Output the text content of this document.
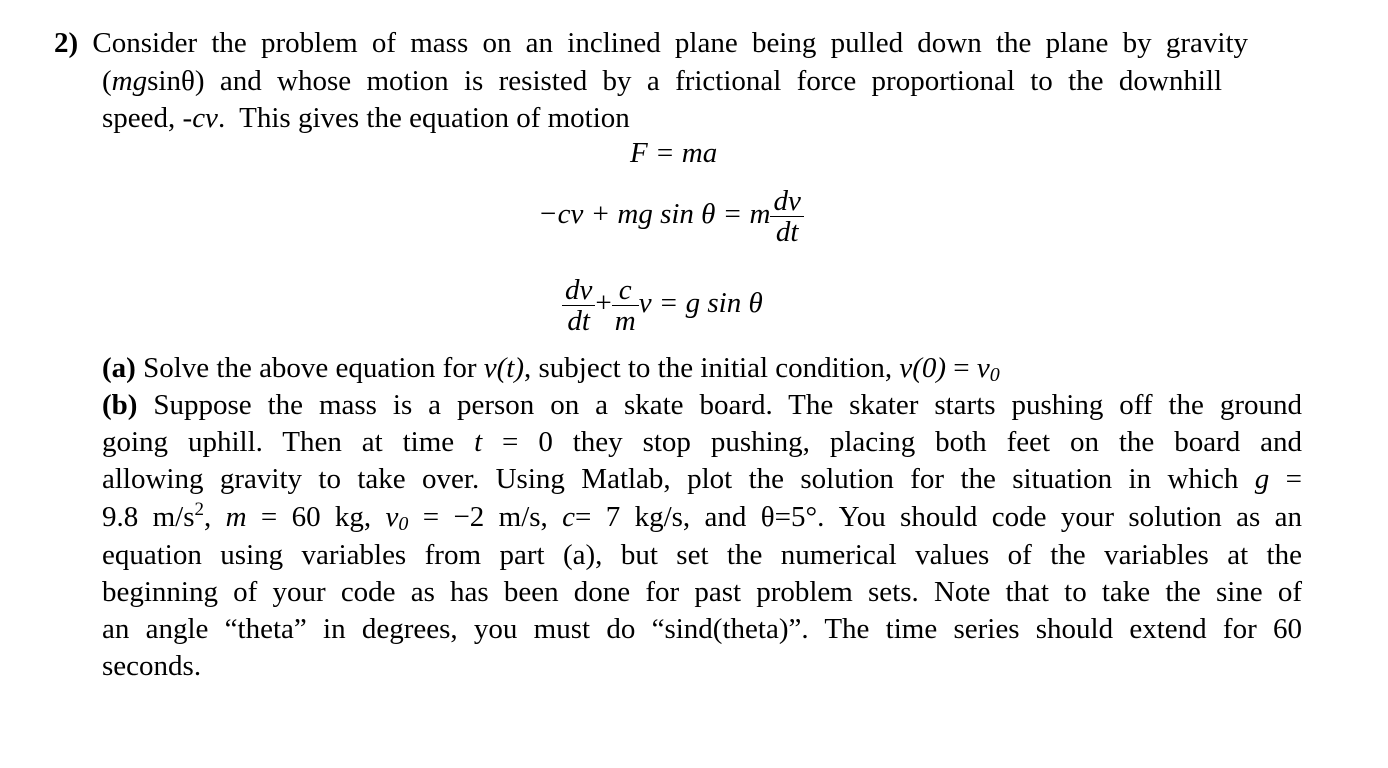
2) Consider the problem of mass on an inclined plane being pulled down the plane by gravity
(mgsinθ) and whose motion is resisted by a frictional force proportional to the downhill
speed, -cv.  This gives the equation of motion
F = ma
−cv + mg sin θ = m $\frac{dv}{dt}$
$\frac{dv}{dt} + \frac{c}{m}$ v = g sin θ
(a) Solve the above equation for v(t), subject to the initial condition, $v(0) = v_0$
(b) Suppose the mass is a person on a skate board. The skater starts pushing off the ground
going uphill. Then at time t = 0 they stop pushing, placing both feet on the board and
allowing gravity to take over. Using Matlab, plot the solution for the situation in which g =
9.8 $m/s^2$, m = 60 kg, $v_0 = -2$ m/s, c= 7 kg/s, and θ=5°. You should code your solution as an
equation using variables from part (a), but set the numerical values of the variables at the
beginning of your code as has been done for past problem sets. Note that to take the sine of
an angle “theta” in degrees, you must do “sind(theta)”. The time series should extend for 60
seconds.
